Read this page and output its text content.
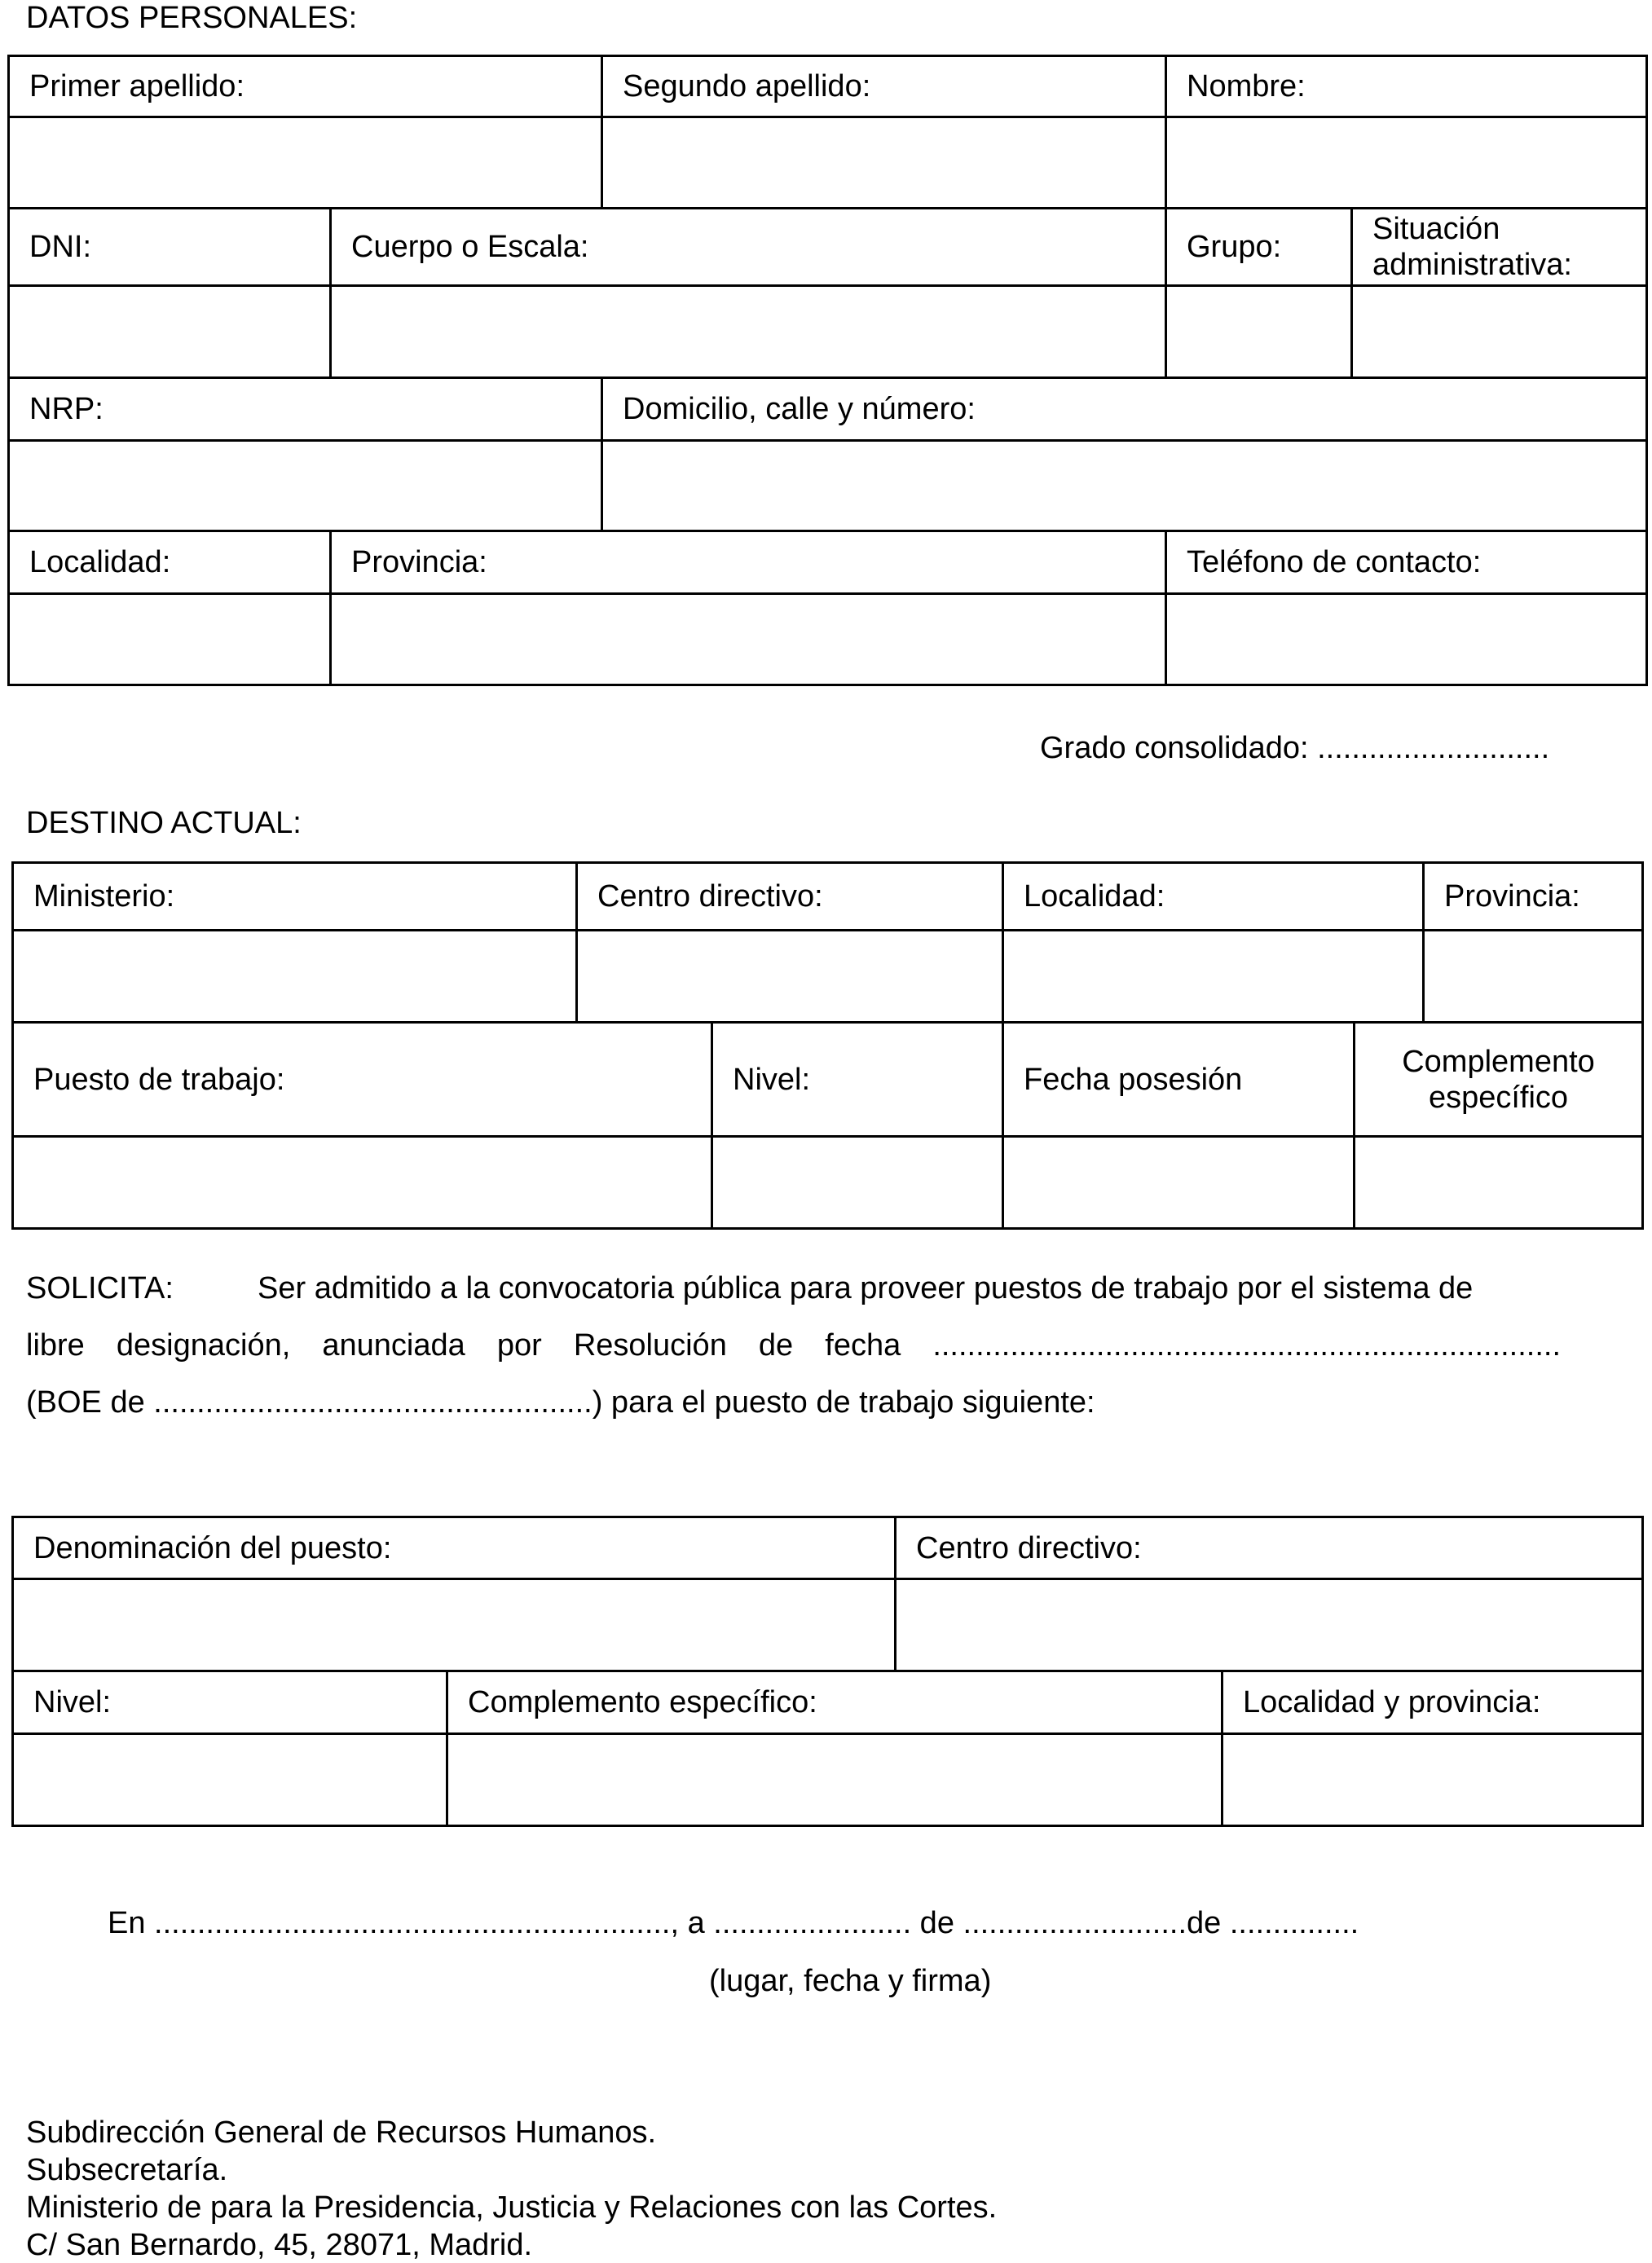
DATOS PERSONALES:
Primer apellido:		Segundo apellido:	Nombre:	

DNI:	Cuerpo o Escala:		Grupo:	Situación
administrativa:

NRP:		Domicilio, calle y número:	

Localidad:	Provincia:		Teléfono de contacto:

Grado consolidado: ...........................
DESTINO ACTUAL:
Ministerio:	Centro directivo:	Localidad:	Provincia:

Puesto de trabajo:	Nivel:	Fecha posesión	Complemento
específico

SOLICITA:	Ser admitido a la convocatoria pública para proveer puestos de trabajo por el sistema de
libre designación, anunciada por Resolución de fecha .........................................................................
(BOE de ...................................................) para el puesto de trabajo siguiente:
Denominación del puesto:	Centro directivo:

Nivel:	Complemento específico:	Localidad y provincia:

En ............................................................, a ....................... de ..........................de ...............
(lugar, fecha y firma)
Subdirección General de Recursos Humanos.
Subsecretaría.
Ministerio de para la Presidencia, Justicia y Relaciones con las Cortes.
C/ San Bernardo, 45, 28071, Madrid.
